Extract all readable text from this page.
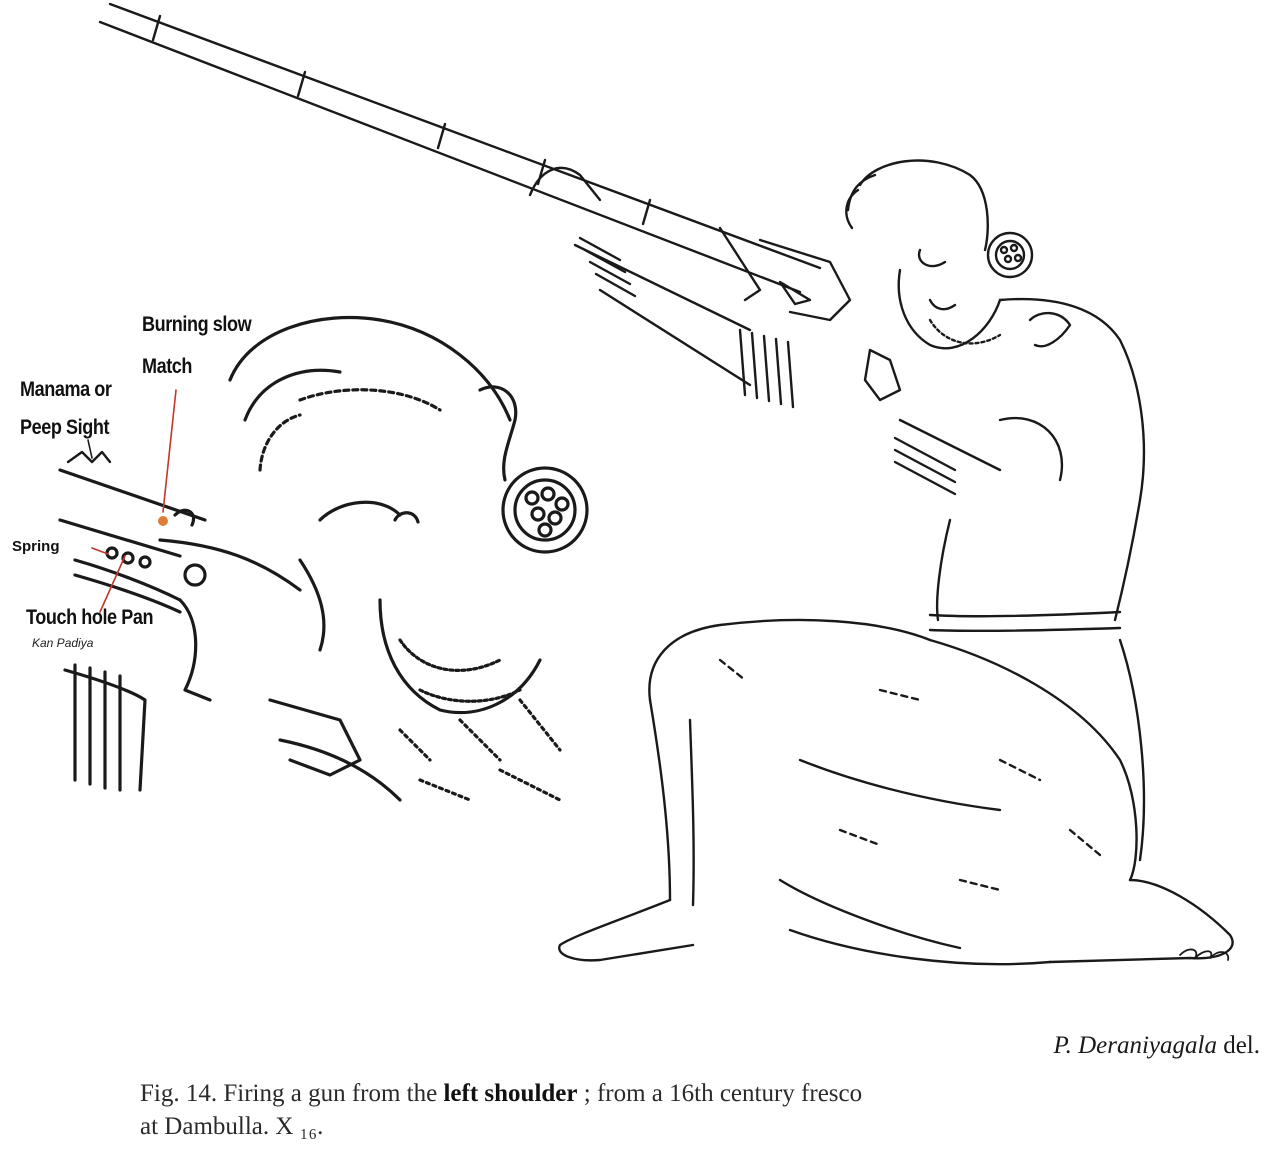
Burning slow

Match

Manama or

Peep Sight

Spring

Touch hole Pan

Kan Padiya

P. Deraniyagala del.

Fig. 14. Firing a gun from the left shoulder ; from a 16th century fresco
at Dambulla. X ₁₆.
